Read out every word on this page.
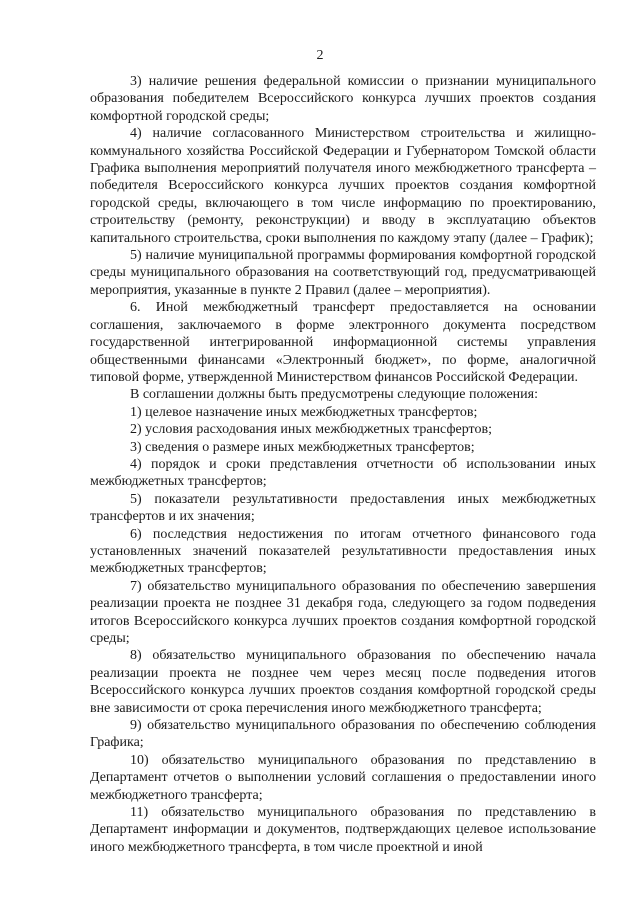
2

3) наличие решения федеральной комиссии о признании муниципального образования победителем Всероссийского конкурса лучших проектов создания комфортной городской среды;

4) наличие согласованного Министерством строительства и жилищно-коммунального хозяйства Российской Федерации и Губернатором Томской области Графика выполнения мероприятий получателя иного межбюджетного трансферта – победителя Всероссийского конкурса лучших проектов создания комфортной городской среды, включающего в том числе информацию по проектированию, строительству (ремонту, реконструкции) и вводу в эксплуатацию объектов капитального строительства, сроки выполнения по каждому этапу (далее – График);

5) наличие муниципальной программы формирования комфортной городской среды муниципального образования на соответствующий год, предусматривающей мероприятия, указанные в пункте 2 Правил (далее – мероприятия).

6. Иной межбюджетный трансферт предоставляется на основании соглашения, заключаемого в форме электронного документа посредством государственной интегрированной информационной системы управления общественными финансами «Электронный бюджет», по форме, аналогичной типовой форме, утвержденной Министерством финансов Российской Федерации.

В соглашении должны быть предусмотрены следующие положения:

1) целевое назначение иных межбюджетных трансфертов;

2) условия расходования иных межбюджетных трансфертов;

3) сведения о размере иных межбюджетных трансфертов;

4) порядок и сроки представления отчетности об использовании иных межбюджетных трансфертов;

5) показатели результативности предоставления иных межбюджетных трансфертов и их значения;

6) последствия недостижения по итогам отчетного финансового года установленных значений показателей результативности предоставления иных межбюджетных трансфертов;

7) обязательство муниципального образования по обеспечению завершения реализации проекта не позднее 31 декабря года, следующего за годом подведения итогов Всероссийского конкурса лучших проектов создания комфортной городской среды;

8) обязательство муниципального образования по обеспечению начала реализации проекта не позднее чем через месяц после подведения итогов Всероссийского конкурса лучших проектов создания комфортной городской среды вне зависимости от срока перечисления иного межбюджетного трансферта;

9) обязательство муниципального образования по обеспечению соблюдения Графика;

10) обязательство муниципального образования по представлению в Департамент отчетов о выполнении условий соглашения о предоставлении иного межбюджетного трансферта;

11) обязательство муниципального образования по представлению в Департамент информации и документов, подтверждающих целевое использование иного межбюджетного трансферта, в том числе проектной и иной
